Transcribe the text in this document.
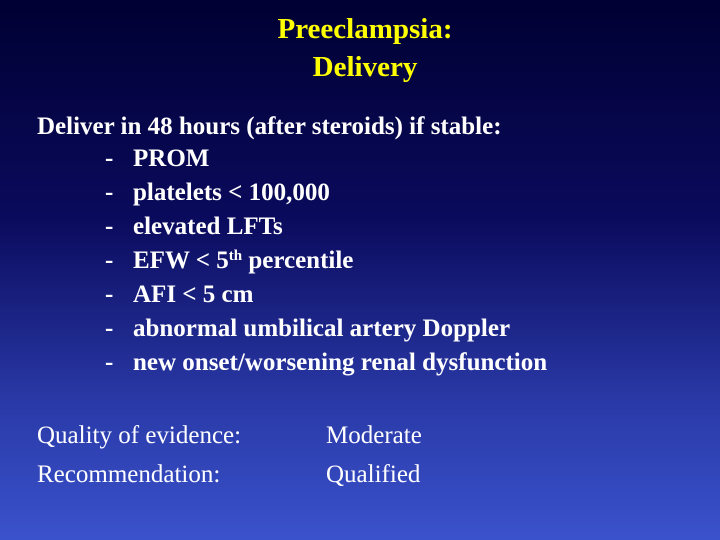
Preeclampsia:
Delivery
Deliver in 48 hours (after steroids) if stable:
- PROM
- platelets < 100,000
- elevated LFTs
- EFW < 5th percentile
- AFI < 5 cm
- abnormal umbilical artery Doppler
- new onset/worsening renal dysfunction
Quality of evidence:	Moderate
Recommendation:	Qualified
